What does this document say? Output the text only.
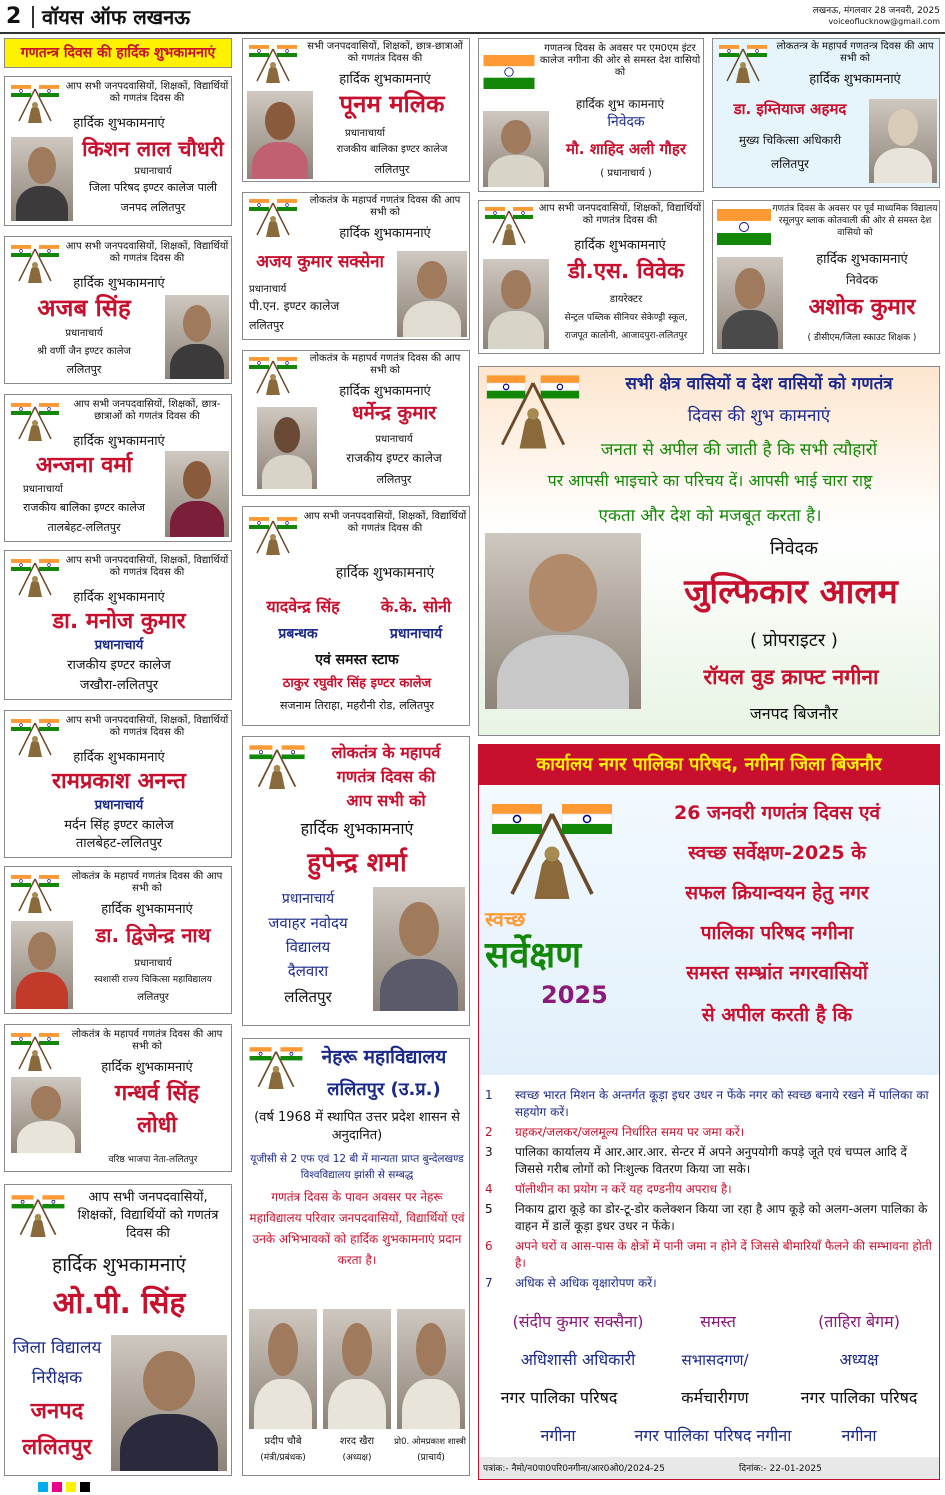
2 वॉयस ऑफ लखनऊ	लखनऊ, मंगलवार 28 जनवरी, 2025
voiceoflucknow@gmail.com
गणतन्त्र दिवस की हार्दिक शुभकामनाएं
आप सभी जनपदवासियों, शिक्षकों, विद्यार्थियों को गणतंत्र दिवस की
हार्दिक शुभकामनाएं
किशन लाल चौधरी
प्रधानाचार्य
जिला परिषद इण्टर कालेज पाली
जनपद ललितपुर
आप सभी जनपदवासियों, शिक्षकों, विद्यार्थियों को गणतंत्र दिवस की
हार्दिक शुभकामनाएं
अजब सिंह
प्रधानाचार्य
श्री वर्णी जैन इण्टर कालेज
ललितपुर
आप सभी जनपदवासियों, शिक्षकों, छात्र-छात्राओं को गणतंत्र दिवस की
हार्दिक शुभकामनाएं
अन्जना वर्मा
प्रधानाचार्या
राजकीय बालिका इण्टर कालेज
तालबेहट-ललितपुर
आप सभी जनपदवासियों, शिक्षकों, विद्यार्थियों को गणतंत्र दिवस की
हार्दिक शुभकामनाएं
डा. मनोज कुमार
प्रधानाचार्य
राजकीय इण्टर कालेज
जखौरा-ललितपुर
आप सभी जनपदवासियों, शिक्षकों, विद्यार्थियों को गणतंत्र दिवस की
हार्दिक शुभकामनाएं
रामप्रकाश अनन्त
प्रधानाचार्य
मर्दन सिंह इण्टर कालेज
तालबेहट-ललितपुर
लोकतंत्र के महापर्व गणतंत्र दिवस की आप सभी को
हार्दिक शुभकामनाएं
डा. द्विजेन्द्र नाथ
प्रधानाचार्य
स्वशासी राज्य चिकित्सा महाविद्यालय
ललितपुर
लोकतंत्र के महापर्व गणतंत्र दिवस की आप सभी को
हार्दिक शुभकामनाएं
गन्धर्व सिंह
लोधी
वरिष्ठ भाजपा नेता-ललितपुर
आप सभी जनपदवासियों, शिक्षकों, विद्यार्थियों को गणतंत्र दिवस की
हार्दिक शुभकामनाएं
ओ.पी. सिंह
जिला विद्यालय
निरीक्षक
जनपद
ललितपुर
सभी जनपदवासियों, शिक्षकों, छात्र-छात्राओं को गणतंत्र दिवस की
हार्दिक शुभकामनाएं
पूनम मलिक
प्रधानाचार्या
राजकीय बालिका इण्टर कालेज
ललितपुर
लोकतंत्र के महापर्व गणतंत्र दिवस की आप सभी को
हार्दिक शुभकामनाएं
अजय कुमार सक्सेना
प्रधानाचार्य
पी.एन. इण्टर कालेज
ललितपुर
लोकतंत्र के महापर्व गणतंत्र दिवस की आप सभी को
हार्दिक शुभकामनाएं
धर्मेन्द्र कुमार
प्रधानाचार्य
राजकीय इण्टर कालेज
ललितपुर
आप सभी जनपदवासियों, शिक्षकों, विद्यार्थियों को गणतंत्र दिवस की
हार्दिक शुभकामनाएं
यादवेन्द्र सिंह	के.के. सोनी
प्रबन्धक	प्रधानाचार्य
एवं समस्त स्टाफ
ठाकुर रघुवीर सिंह इण्टर कालेज
सजनाम तिराहा, महरौनी रोड, ललितपुर
लोकतंत्र के महापर्व
गणतंत्र दिवस की
आप सभी को
हार्दिक शुभकामनाएं
हुपेन्द्र शर्मा
प्रधानाचार्य
जवाहर नवोदय
विद्यालय
दैलवारा
ललितपुर
नेहरू महाविद्यालय
ललितपुर (उ.प्र.)
(वर्ष 1968 में स्थापित उत्तर प्रदेश शासन से अनुदानित)
यूजीसी से 2 एफ एवं 12 बी में मान्यता प्राप्त बुन्देलखण्ड विश्वविद्यालय झांसी से सम्बद्ध
गणतंत्र दिवस के पावन अवसर पर नेहरू महाविद्यालय परिवार जनपदवासियों, विद्यार्थियों एवं उनके अभिभावकों को हार्दिक शुभकामनाएं प्रदान करता है।
प्रदीप चौबे
(मंत्री/प्रबंधक)
शरद खैरा
(अध्यक्ष)
प्रो0. ओमप्रकाश शास्त्री
(प्राचार्य)
गणतन्त्र दिवस के अवसर पर एम0एम इंटर कालेज नगीना की ओर से समस्त देश वासियो को
हार्दिक शुभ कामनाएं
निवेदक
मौ. शाहिद अली गौहर
( प्रधानाचार्य )
लोकतन्त्र के महापर्व गणतन्त्र दिवस की आप सभी को
हार्दिक शुभकामनाएं
डा. इम्तियाज अहमद
मुख्य चिकित्सा अधिकारी
ललितपुर
आप सभी जनपदवासियों, शिक्षकों, विद्यार्थियों को गणतंत्र दिवस की
हार्दिक शुभकामनाएं
डी.एस. विवेक
डायरेक्टर
सेन्ट्रल पब्लिक सीनियर सेकेण्ड्री स्कूल,
राजपूत कालोनी, आजादपुरा-ललितपुर
गणतंत्र दिवस के अवसर पर पूर्व माध्यमिक विद्यालय रसूलपुर ब्लाक कोतवाली की ओर से समस्त देश वासियो को
हार्दिक शुभकामनाएं
निवेदक
अशोक कुमार
( डीसीएम/जिला स्काउट शिक्षक )
सभी क्षेत्र वासियों व देश वासियों को गणतंत्र
दिवस की शुभ कामनाएं
जनता से अपील की जाती है कि सभी त्यौहारों
पर आपसी भाइचारे का परिचय दें। आपसी भाई चारा राष्ट्र
एकता और देश को मजबूत करता है।
निवेदक
जुल्फिकार आलम
( प्रोपराइटर )
रॉयल वुड क्राफ्ट नगीना
जनपद बिजनौर
कार्यालय नगर पालिका परिषद, नगीना जिला बिजनौर
स्वच्छ
सर्वेक्षण
2025
26 जनवरी गणतंत्र दिवस एवं
स्वच्छ सर्वेक्षण-2025 के
सफल क्रियान्वयन हेतु नगर
पालिका परिषद नगीना
समस्त सम्भ्रांत नगरवासियों
से अपील करती है कि
1 स्वच्छ भारत मिशन के अन्तर्गत कूड़ा इधर उधर न फेंके नगर को स्वच्छ बनाये रखने में पालिका का सहयोग करें।
2 ग्रहकर/जलकर/जलमूल्य निर्धारित समय पर जमा करें।
3 पालिका कार्यालय में आर.आर.आर. सेन्टर में अपने अनुपयोगी कपडे़ जूते एवं चप्पल आदि दें जिससे गरीब लोगों को निःशुल्क वितरण किया जा सके।
4 पॉलीथीन का प्रयोग न करें यह दण्डनीय अपराध है।
5 निकाय द्वारा कूड़े का डोर-टू-डोर कलेक्शन किया जा रहा है आप कूड़े को अलग-अलग पालिका के वाहन में डालें कूड़ा इधर उधर न फेंके।
6 अपने घरों व आस-पास के क्षेत्रों में पानी जमा न होने दें जिससे बीमारियाँ फैलने की सम्भावना होती है।
7 अधिक से अधिक वृक्षारोपण करें।
(संदीप कुमार सक्सैना)	समस्त	(ताहिरा बेगम)
अधिशासी अधिकारी	सभासदगण/	अध्यक्ष
नगर पालिका परिषद	कर्मचारीगण	नगर पालिका परिषद
नगीना	नगर पालिका परिषद नगीना	नगीना
पत्रांक:- नैमो/न0पा0परि0नगीना/आर0ओ0/2024-25	दिनांक:- 22-01-2025
